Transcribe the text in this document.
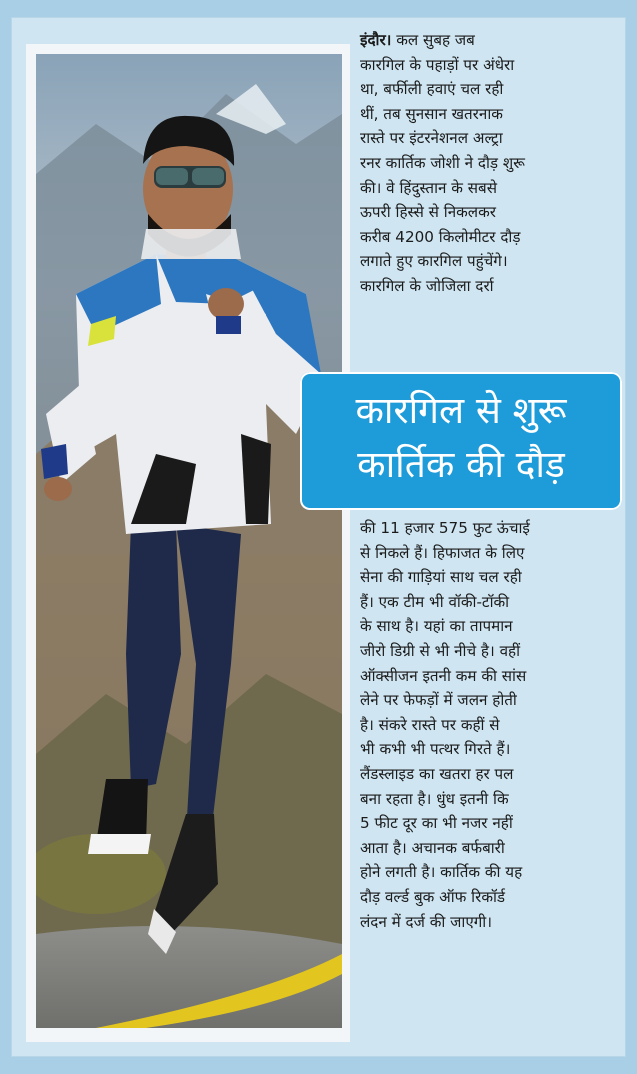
इंदौर। कल सुबह जब

कारगिल के पहाड़ों पर अंधेरा

था, बर्फीली हवाएं चल रही

थीं, तब सुनसान खतरनाक

रास्ते पर इंटरनेशनल अल्ट्रा

रनर कार्तिक जोशी ने दौड़ शुरू

की। वे हिंदुस्तान के सबसे

ऊपरी हिस्से से निकलकर

करीब 4200 किलोमीटर दौड़

लगाते हुए कारगिल पहुंचेंगे।

कारगिल के जोजिला दर्रा

कारगिल से शुरू
कार्तिक की दौड़

की 11 हजार 575 फुट ऊंचाई

से निकले हैं। हिफाजत के लिए

सेना की गाड़ियां साथ चल रही

हैं। एक टीम भी वॉकी-टॉकी

के साथ है। यहां का तापमान

जीरो डिग्री से भी नीचे है। वहीं

ऑक्सीजन इतनी कम की सांस

लेने पर फेफड़ों में जलन होती

है। संकरे रास्ते पर कहीं से

भी कभी भी पत्थर गिरते हैं।

लैंडस्लाइड का खतरा हर पल

बना रहता है। धुंध इतनी कि

5 फीट दूर का भी नजर नहीं

आता है। अचानक बर्फबारी

होने लगती है। कार्तिक की यह

दौड़ वर्ल्ड बुक ऑफ रिकॉर्ड

लंदन में दर्ज की जाएगी।
